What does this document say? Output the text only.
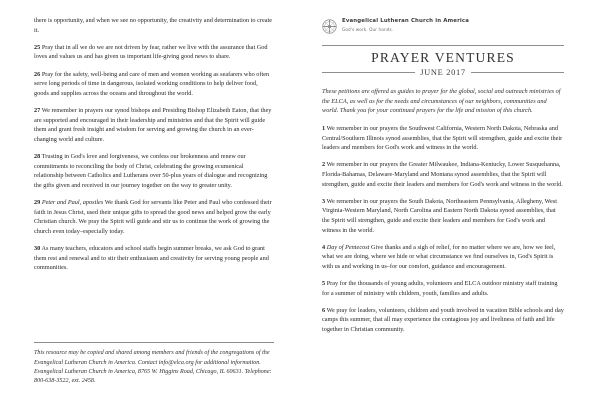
there is opportunity, and when we see no opportunity, the creativity and determination to create it.
25 Pray that in all we do we are not driven by fear, rather we live with the assurance that God loves and values us and has given us important life-giving good news to share.
26 Pray for the safety, well-being and care of men and women working as seafarers who often serve long periods of time in dangerous, isolated working conditions to help deliver food, goods and supplies across the oceans and throughout the world.
27 We remember in prayers our synod bishops and Presiding Bishop Elizabeth Eaton, that they are supported and encouraged in their leadership and ministries and that the Spirit will guide them and grant fresh insight and wisdom for serving and growing the church in an ever-changing world and culture.
28 Trusting in God's love and forgiveness, we confess our brokenness and renew our commitments to reconciling the body of Christ, celebrating the growing ecumenical relationship between Catholics and Lutherans over 50-plus years of dialogue and recognizing the gifts given and received in our journey together on the way to greater unity.
29 Peter and Paul, apostles We thank God for servants like Peter and Paul who confessed their faith in Jesus Christ, used their unique gifts to spread the good news and helped grow the early Christian church. We pray the Spirit will guide and stir us to continue the work of growing the church even today–especially today.
30 As many teachers, educators and school staffs begin summer breaks, we ask God to grant them rest and renewal and to stir their enthusiasm and creativity for serving young people and communities.
This resource may be copied and shared among members and friends of the congregations of the Evangelical Lutheran Church in America. Contact info@elca.org for additional information. Evangelical Lutheran Church in America, 8765 W. Higgins Road, Chicago, IL 60631. Telephone: 800-638-3522, ext. 2458.
Evangelical Lutheran Church in America
God's work. Our hands.
PRAYER VENTURES
JUNE 2017
These petitions are offered as guides to prayer for the global, social and outreach ministries of the ELCA, as well as for the needs and circumstances of our neighbors, communities and world. Thank you for your continued prayers for the life and mission of this church.
1 We remember in our prayers the Southwest California, Western North Dakota, Nebraska and Central/Southern Illinois synod assemblies, that the Spirit will strengthen, guide and excite their leaders and members for God's work and witness in the world.
2 We remember in our prayers the Greater Milwaukee, Indiana-Kentucky, Lower Susquehanna, Florida-Bahamas, Delaware-Maryland and Montana synod assemblies, that the Spirit will strengthen, guide and excite their leaders and members for God's work and witness in the world.
3 We remember in our prayers the South Dakota, Northeastern Pennsylvania, Allegheny, West Virginia-Western Maryland, North Carolina and Eastern North Dakota synod assemblies, that the Spirit will strengthen, guide and excite their leaders and members for God's work and witness in the world.
4 Day of Pentecost Give thanks and a sigh of relief, for no matter where we are, how we feel, what we are doing, where we hide or what circumstance we find ourselves in, God's Spirit is with us and working in us–for our comfort, guidance and encouragement.
5 Pray for the thousands of young adults, volunteers and ELCA outdoor ministry staff training for a summer of ministry with children, youth, families and adults.
6 We pray for leaders, volunteers, children and youth involved in vacation Bible schools and day camps this summer, that all may experience the contagious joy and liveliness of faith and life together in Christian community.
